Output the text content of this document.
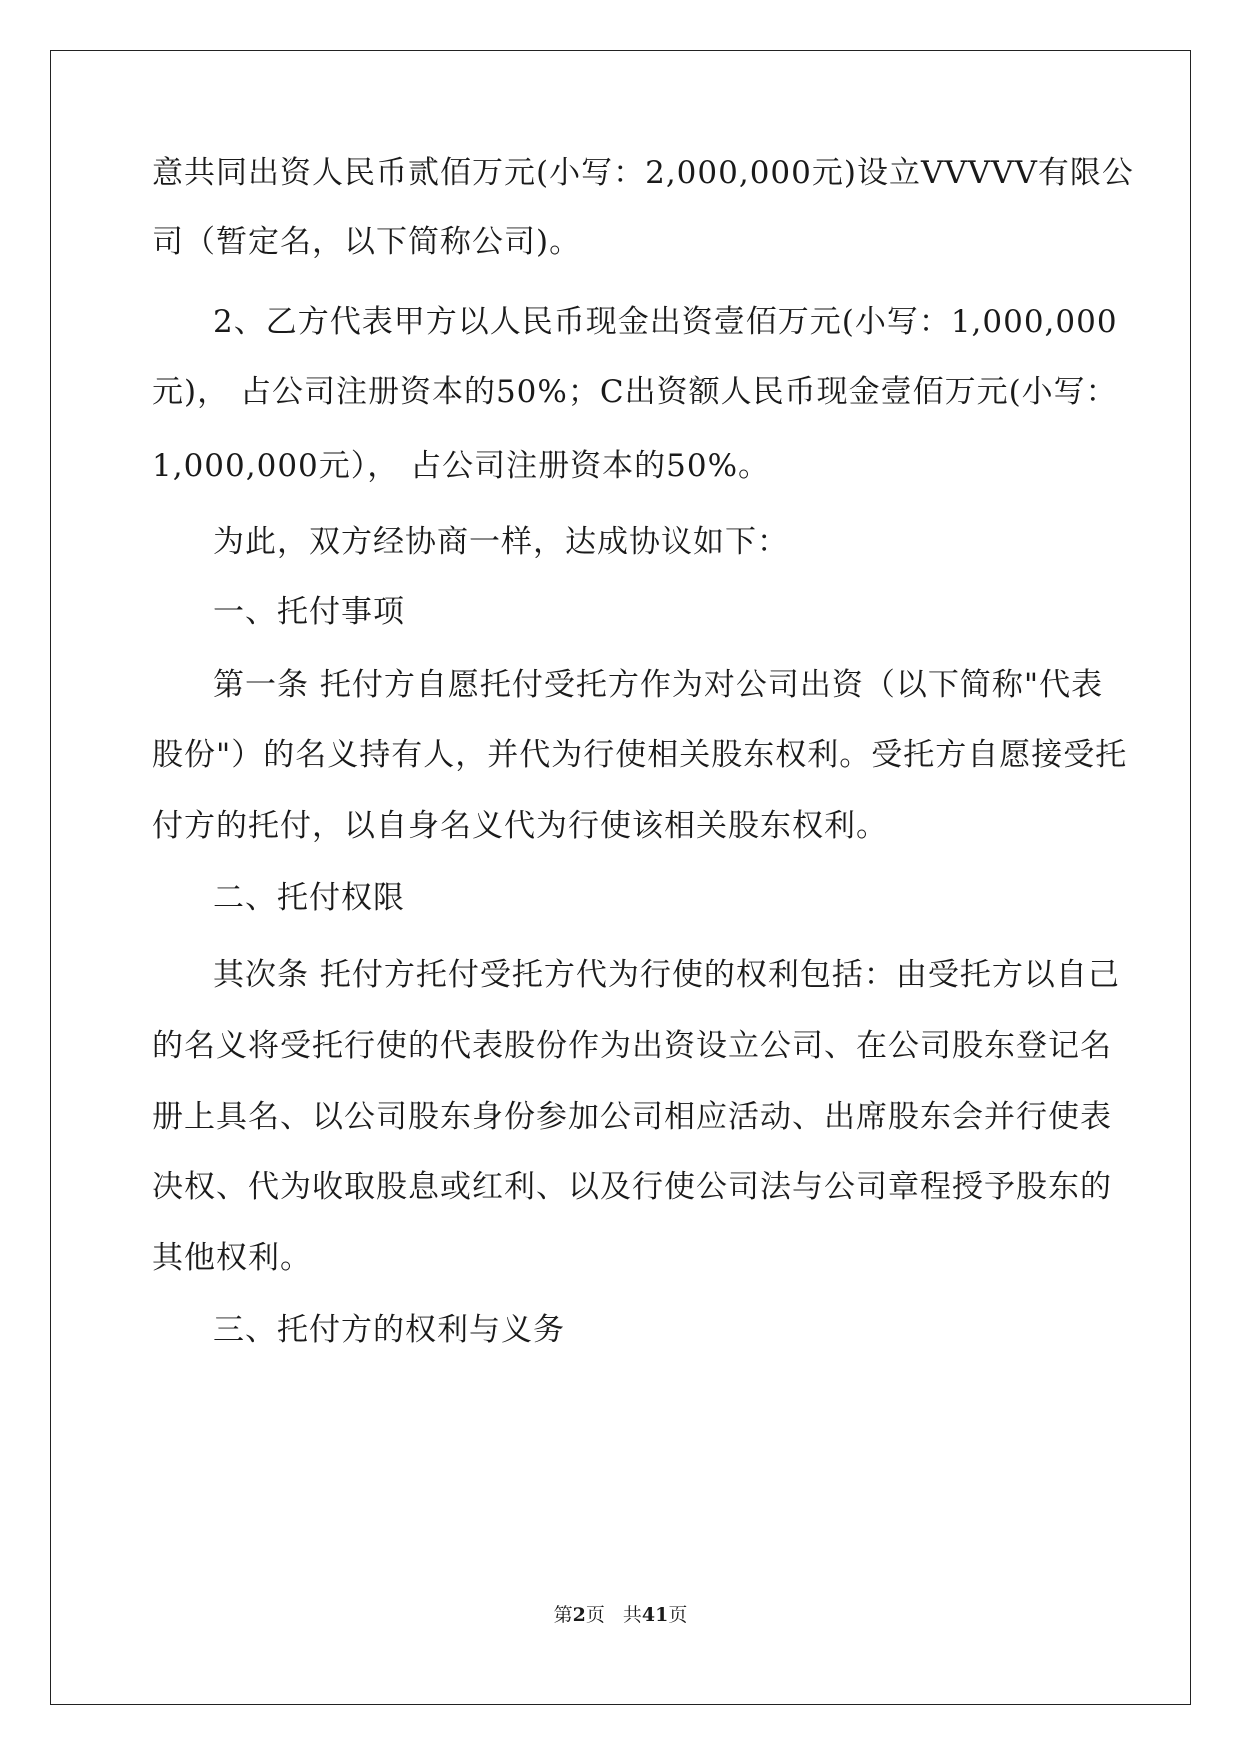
意共同出资人民币贰佰万元(小写：2,000,000元)设立VVVVV有限公
司（暂定名，以下简称公司)。
2、乙方代表甲方以人民币现金出资壹佰万元(小写：1,000,000
元)， 占公司注册资本的50%；C出资额人民币现金壹佰万元(小写：
1,000,000元）， 占公司注册资本的50%。
为此，双方经协商一样，达成协议如下：
一、托付事项
第一条 托付方自愿托付受托方作为对公司出资（以下简称"代表
股份"）的名义持有人，并代为行使相关股东权利。受托方自愿接受托
付方的托付，以自身名义代为行使该相关股东权利。
二、托付权限
其次条 托付方托付受托方代为行使的权利包括：由受托方以自己
的名义将受托行使的代表股份作为出资设立公司、在公司股东登记名
册上具名、以公司股东身份参加公司相应活动、出席股东会并行使表
决权、代为收取股息或红利、以及行使公司法与公司章程授予股东的
其他权利。
三、托付方的权利与义务
第2页 共41页
